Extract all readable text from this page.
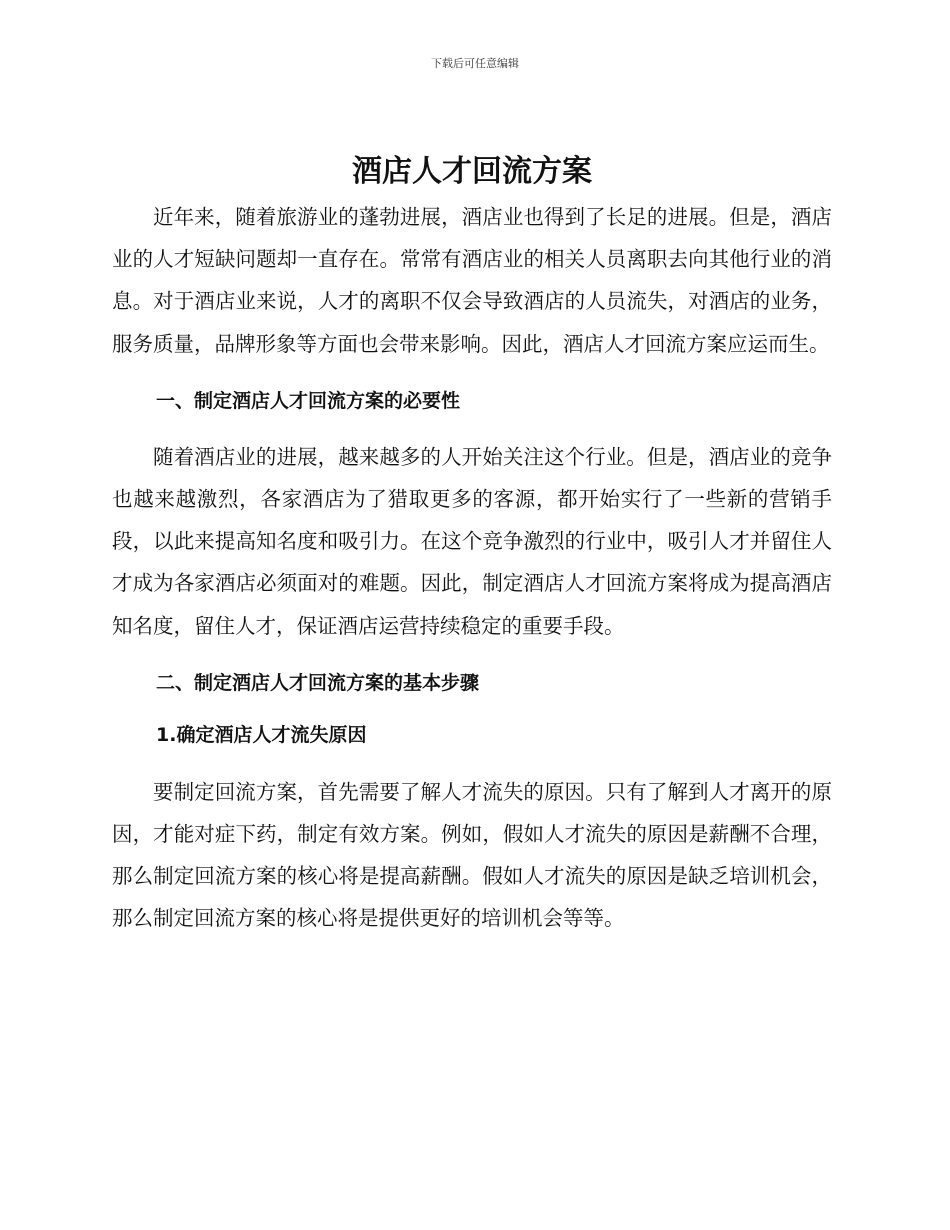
下载后可任意编辑
酒店人才回流方案

近年来，随着旅游业的蓬勃进展，酒店业也得到了长足的进展。但是，酒店业的人才短缺问题却一直存在。常常有酒店业的相关人员离职去向其他行业的消息。对于酒店业来说，人才的离职不仅会导致酒店的人员流失，对酒店的业务，服务质量，品牌形象等方面也会带来影响。因此，酒店人才回流方案应运而生。

一、制定酒店人才回流方案的必要性

随着酒店业的进展，越来越多的人开始关注这个行业。但是，酒店业的竞争也越来越激烈，各家酒店为了猎取更多的客源，都开始实行了一些新的营销手段，以此来提高知名度和吸引力。在这个竞争激烈的行业中，吸引人才并留住人才成为各家酒店必须面对的难题。因此，制定酒店人才回流方案将成为提高酒店知名度，留住人才，保证酒店运营持续稳定的重要手段。

二、制定酒店人才回流方案的基本步骤
1.确定酒店人才流失原因

要制定回流方案，首先需要了解人才流失的原因。只有了解到人才离开的原因，才能对症下药，制定有效方案。例如，假如人才流失的原因是薪酬不合理，那么制定回流方案的核心将是提高薪酬。假如人才流失的原因是缺乏培训机会，那么制定回流方案的核心将是提供更好的培训机会等等。
